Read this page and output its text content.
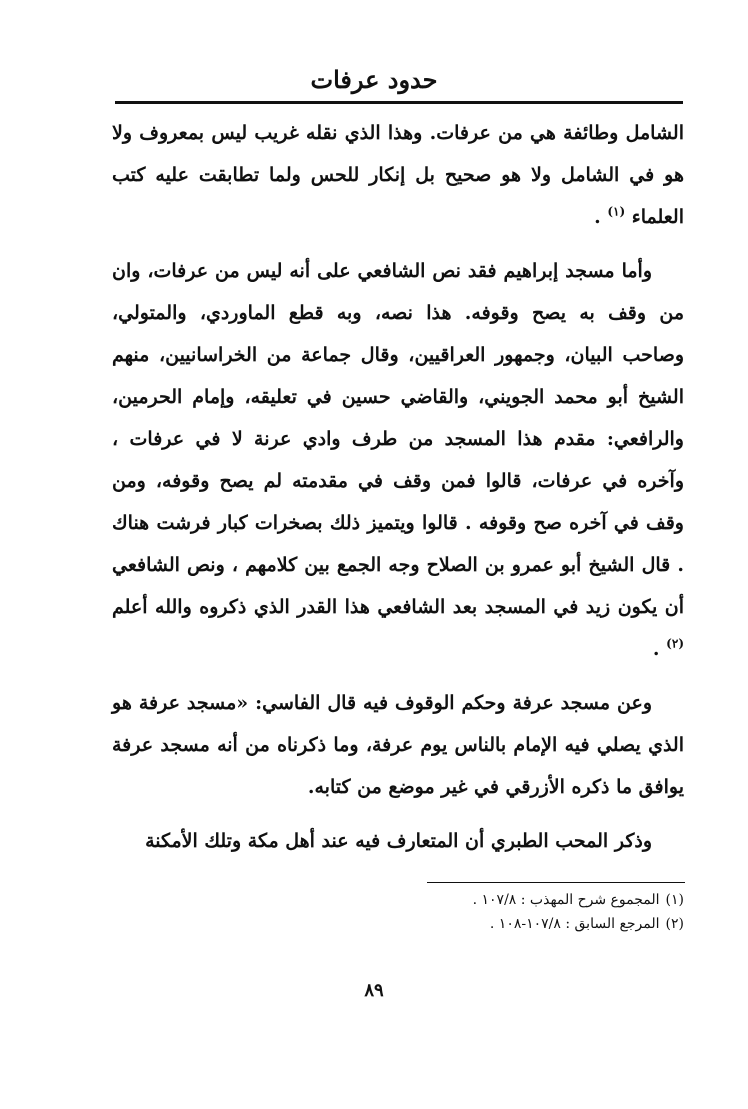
حدود عرفات

الشامل وطائفة هي من عرفات. وهذا الذي نقله غريب ليس بمعروف ولا هو في الشامل ولا هو صحيح بل إنكار للحس ولما تطابقت عليه كتب العلماء $^{(١)}$ .

وأما مسجد إبراهيم فقد نص الشافعي على أنه ليس من عرفات، وان من وقف به يصح وقوفه. هذا نصه، وبه قطع الماوردي، والمتولي، وصاحب البيان، وجمهور العراقيين، وقال جماعة من الخراسانيين، منهم الشيخ أبو محمد الجويني، والقاضي حسين في تعليقه، وإمام الحرمين، والرافعي: مقدم هذا المسجد من طرف وادي عرنة لا في عرفات ، وآخره في عرفات، قالوا فمن وقف في مقدمته لم يصح وقوفه، ومن وقف في آخره صح وقوفه . قالوا ويتميز ذلك بصخرات كبار فرشت هناك . قال الشيخ أبو عمرو بن الصلاح وجه الجمع بين كلامهم ، ونص الشافعي أن يكون زيد في المسجد بعد الشافعي هذا القدر الذي ذكروه والله أعلم $^{(٢)}$ .

وعن مسجد عرفة وحكم الوقوف فيه قال الفاسي: «مسجد عرفة هو الذي يصلي فيه الإمام بالناس يوم عرفة، وما ذكرناه من أنه مسجد عرفة يوافق ما ذكره الأزرقي في غير موضع من كتابه.

وذكر المحب الطبري أن المتعارف فيه عند أهل مكة وتلك الأمكنة

(١)
المجموع شرح المهذب : ١٠٧/٨ .
(٢)
المرجع السابق : ١٠٧/٨-١٠٨ .
٨٩
